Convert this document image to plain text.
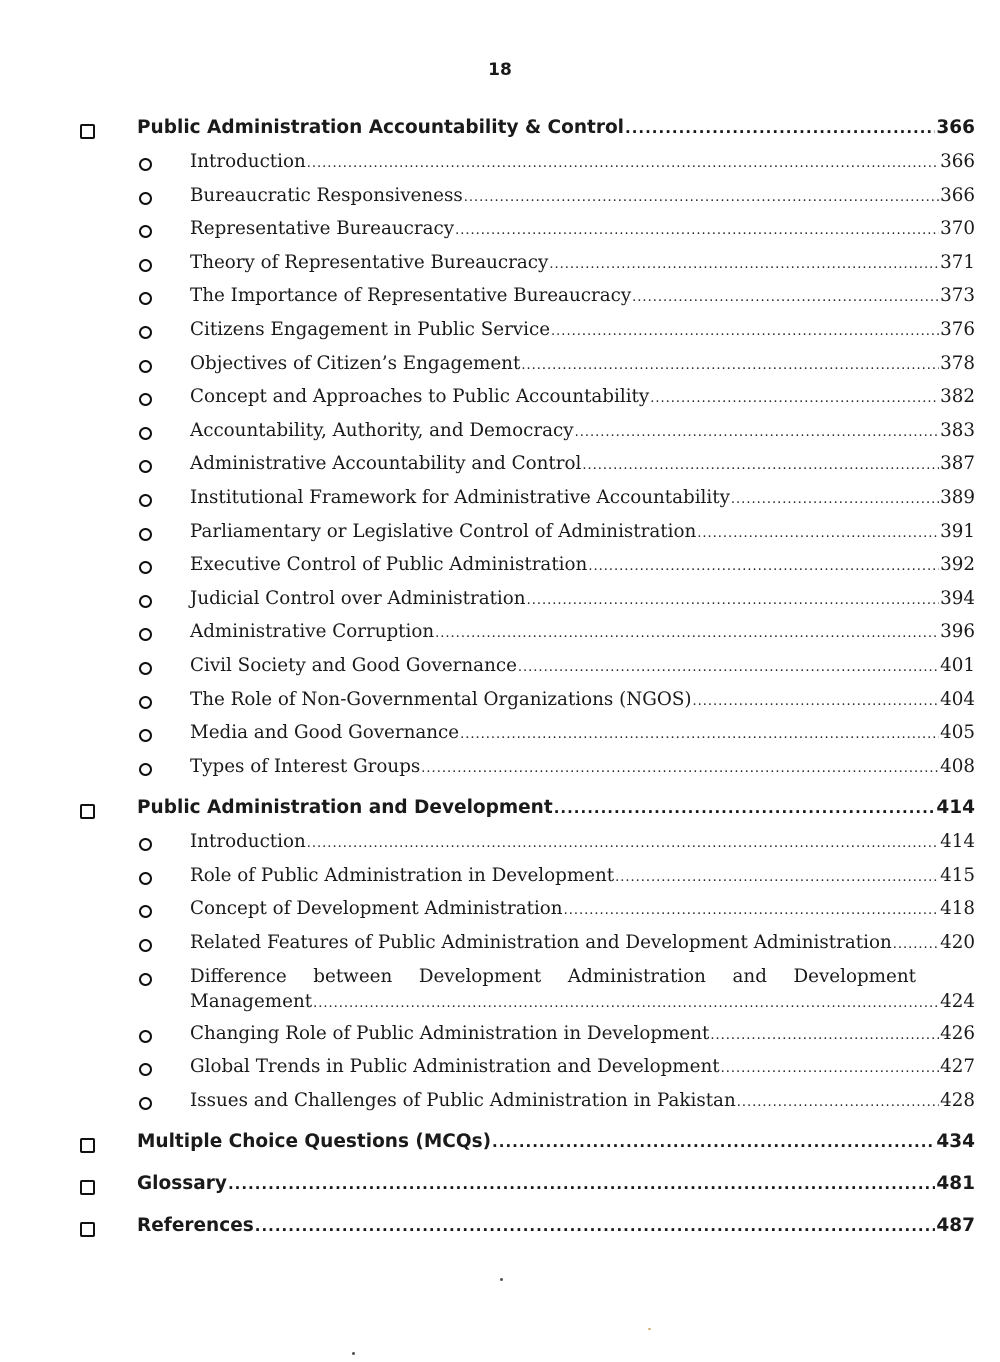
18
Public Administration Accountability & Control .....	366
Introduction .....	366
Bureaucratic Responsiveness .....	366
Representative Bureaucracy .....	370
Theory of Representative Bureaucracy .....	371
The Importance of Representative Bureaucracy .....	373
Citizens Engagement in Public Service .....	376
Objectives of Citizen’s Engagement .....	378
Concept and Approaches to Public Accountability .....	382
Accountability, Authority, and Democracy .....	383
Administrative Accountability and Control .....	387
Institutional Framework for Administrative Accountability .....	389
Parliamentary or Legislative Control of Administration .....	391
Executive Control of Public Administration .....	392
Judicial Control over Administration .....	394
Administrative Corruption .....	396
Civil Society and Good Governance .....	401
The Role of Non-Governmental Organizations (NGOS) .....	404
Media and Good Governance .....	405
Types of Interest Groups .....	408
Public Administration and Development .....	414
Introduction .....	414
Role of Public Administration in Development .....	415
Concept of Development Administration .....	418
Related Features of Public Administration and Development Administration .....	420
Difference between Development Administration and Development
Management .....	424
Changing Role of Public Administration in Development .....	426
Global Trends in Public Administration and Development .....	427
Issues and Challenges of Public Administration in Pakistan .....	428
Multiple Choice Questions (MCQs) .....	434
Glossary .....	481
References .....	487
